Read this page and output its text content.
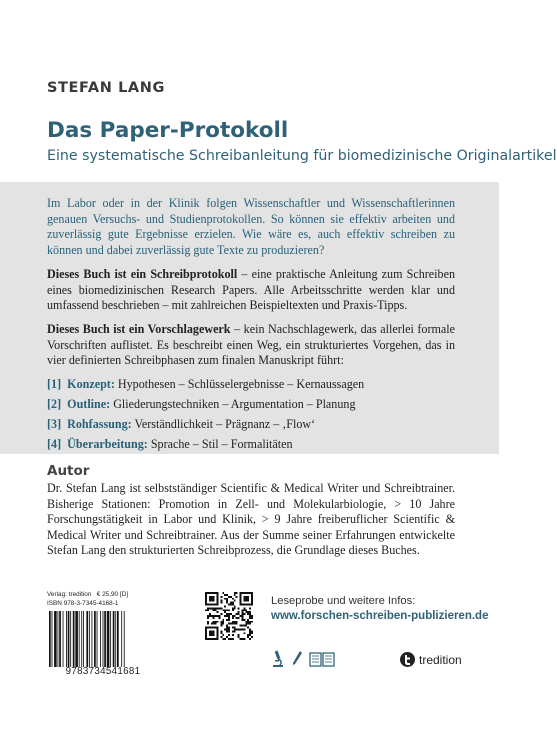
STEFAN LANG
Das Paper-Protokoll
Eine systematische Schreibanleitung für biomedizinische Originalartikel

Im Labor oder in der Klinik folgen Wissenschaftler und Wissenschaftlerinnen genauen Versuchs- und Studienprotokollen. So können sie effektiv arbeiten und zuverlässig gute Ergebnisse erzielen. Wie wäre es, auch effektiv schreiben zu können und dabei zuverlässig gute Texte zu produzieren?

Dieses Buch ist ein Schreibprotokoll – eine praktische Anleitung zum Schreiben eines biomedizinischen Research Papers. Alle Arbeitsschritte werden klar und umfassend beschrieben – mit zahlreichen Beispieltexten und Praxis-Tipps.

Dieses Buch ist ein Vorschlagewerk – kein Nachschlagewerk, das allerlei formale Vorschriften auflistet. Es beschreibt einen Weg, ein strukturiertes Vorgehen, das in vier definierten Schreibphasen zum finalen Manuskript führt:

[1] Konzept: Hypothesen – Schlüsselergebnisse – Kernaussagen
[2] Outline: Gliederungstechniken – Argumentation – Planung
[3] Rohfassung: Verständlichkeit – Prägnanz – ‚Flow‘
[4] Überarbeitung: Sprache – Stil – Formalitäten
Autor

Dr. Stefan Lang ist selbstständiger Scientific & Medical Writer und Schreibtrainer. Bisherige Stationen: Promotion in Zell- und Molekularbiologie, > 10 Jahre Forschungstätigkeit in Labor und Klinik, > 9 Jahre freiberuflicher Scientific & Medical Writer und Schreibtrainer. Aus der Summe seiner Erfahrungen entwickelte Stefan Lang den strukturierten Schreibprozess, die Grundlage dieses Buches.

Verlag: tredition € 25,90 [D]
ISBN 978-3-7345-4168-1
9783734541681
Leseprobe und weitere Infos:
www.forschen-schreiben-publizieren.de
tredition
